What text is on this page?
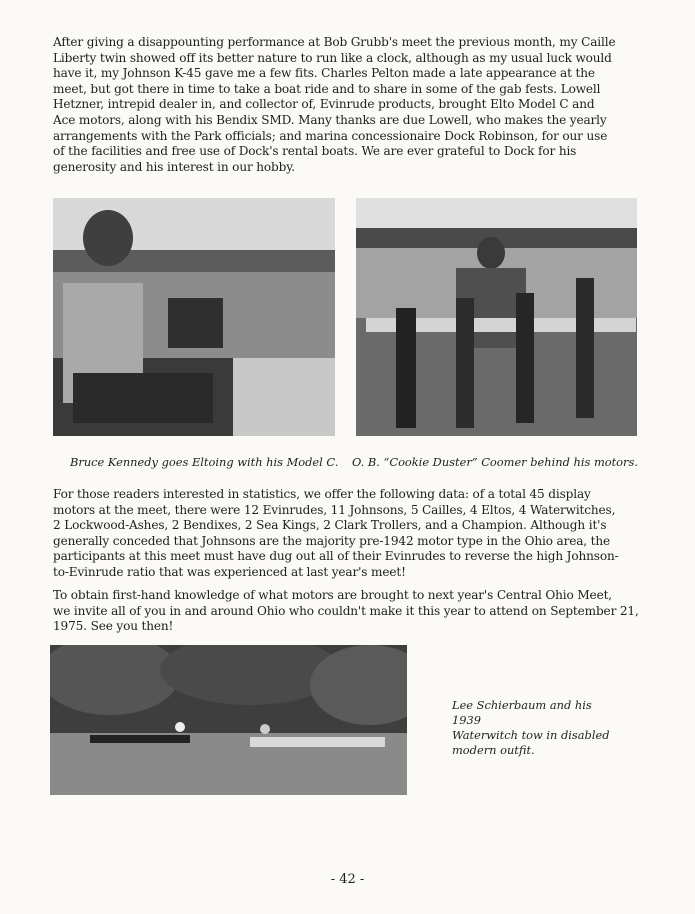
After giving a disappounting performance at Bob Grubb's meet the previous month, my Caille
Liberty twin showed off its better nature to run like a clock, although as my usual luck would
have it, my Johnson K-45 gave me a few fits. Charles Pelton made a late appearance at the
meet, but got there in time to take a boat ride and to share in some of the gab fests. Lowell
Hetzner, intrepid dealer in, and collector of, Evinrude products, brought Elto Model C and
Ace motors, along with his Bendix SMD. Many thanks are due Lowell, who makes the yearly
arrangements with the Park officials; and marina concessionaire Dock Robinson, for our use
of the facilities and free use of Dock's rental boats. We are ever grateful to Dock for his
generosity and his interest in our hobby.

Bruce Kennedy goes Eltoing with his Model C. O. B. “Cookie Duster” Coomer behind his motors.

For those readers interested in statistics, we offer the following data: of a total 45 display
motors at the meet, there were 12 Evinrudes, 11 Johnsons, 5 Cailles, 4 Eltos, 4 Waterwitches,
2 Lockwood-Ashes, 2 Bendixes, 2 Sea Kings, 2 Clark Trollers, and a Champion. Although it's
generally conceded that Johnsons are the majority pre-1942 motor type in the Ohio area, the
participants at this meet must have dug out all of their Evinrudes to reverse the high Johnson-
to-Evinrude ratio that was experienced at last year's meet!

To obtain first-hand knowledge of what motors are brought to next year's Central Ohio Meet,
we invite all of you in and around Ohio who couldn't make it this year to attend on September 21,
1975. See you then!

Lee Schierbaum and his 1939
Waterwitch tow in disabled
modern outfit.

- 42 -
